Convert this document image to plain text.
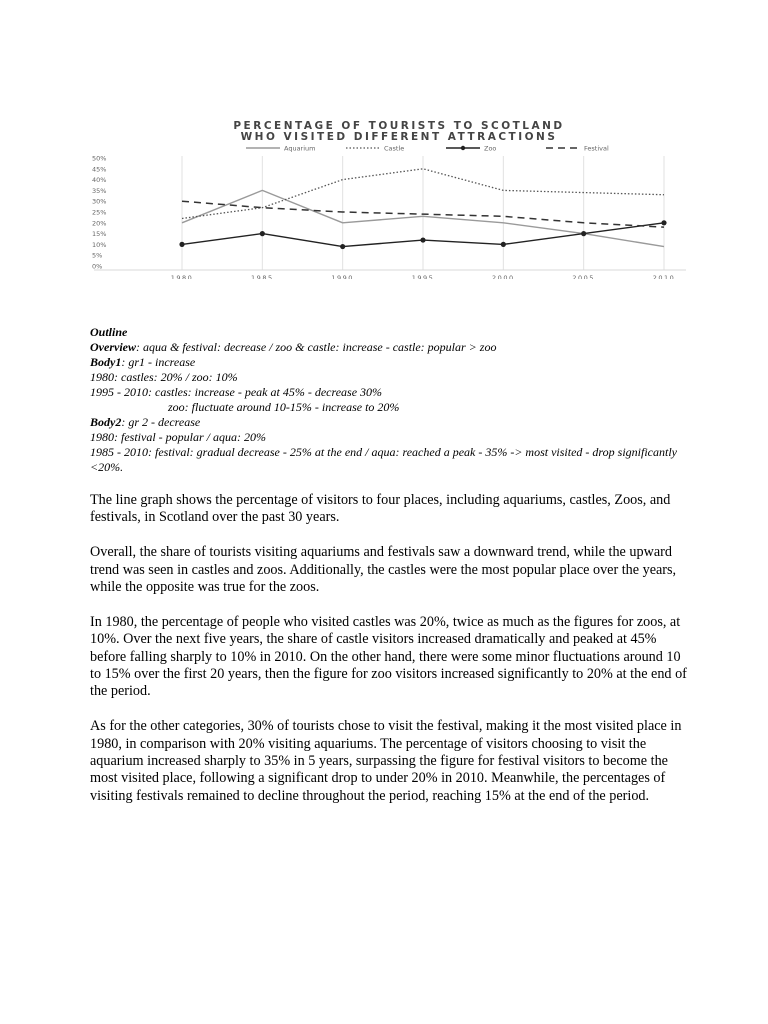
PERCENTAGE OF TOURISTS TO SCOTLAND
WHO VISITED DIFFERENT ATTRACTIONS
Aquarium	Castle	Zoo	Festival
50%
45%
40%
35%
30%
25%
20%
15%
10%
5%
0%
1980	1985	1990	1995	2000	2005	2010

Outline

Overview: aqua & festival: decrease / zoo & castle: increase - castle: popular > zoo

Body1: gr1 - increase

1980: castles: 20% / zoo: 10%

1995 - 2010: castles: increase - peak at 45% - decrease 30%

zoo: fluctuate around 10-15% - increase to 20%

Body2: gr 2 - decrease

1980: festival - popular / aqua: 20%

1985 - 2010: festival: gradual decrease - 25% at the end / aqua: reached a peak - 35% -> most visited - drop significantly <20%.

The line graph shows the percentage of visitors to four places, including aquariums, castles, Zoos, and festivals, in Scotland over the past 30 years.

Overall, the share of tourists visiting aquariums and festivals saw a downward trend, while the upward trend was seen in castles and zoos. Additionally, the castles were the most popular place over the years, while the opposite was true for the zoos.

In 1980, the percentage of people who visited castles was 20%, twice as much as the figures for zoos, at 10%. Over the next five years, the share of castle visitors increased dramatically and peaked at 45% before falling sharply to 10% in 2010. On the other hand, there were some minor fluctuations around 10 to 15% over the first 20 years, then the figure for zoo visitors increased significantly to 20% at the end of the period.

As for the other categories, 30% of tourists chose to visit the festival, making it the most visited place in 1980, in comparison with 20% visiting aquariums. The percentage of visitors choosing to visit the aquarium increased sharply to 35% in 5 years, surpassing the figure for festival visitors to become the most visited place, following a significant drop to under 20% in 2010. Meanwhile, the percentages of visiting festivals remained to decline throughout the period, reaching 15% at the end of the period.
